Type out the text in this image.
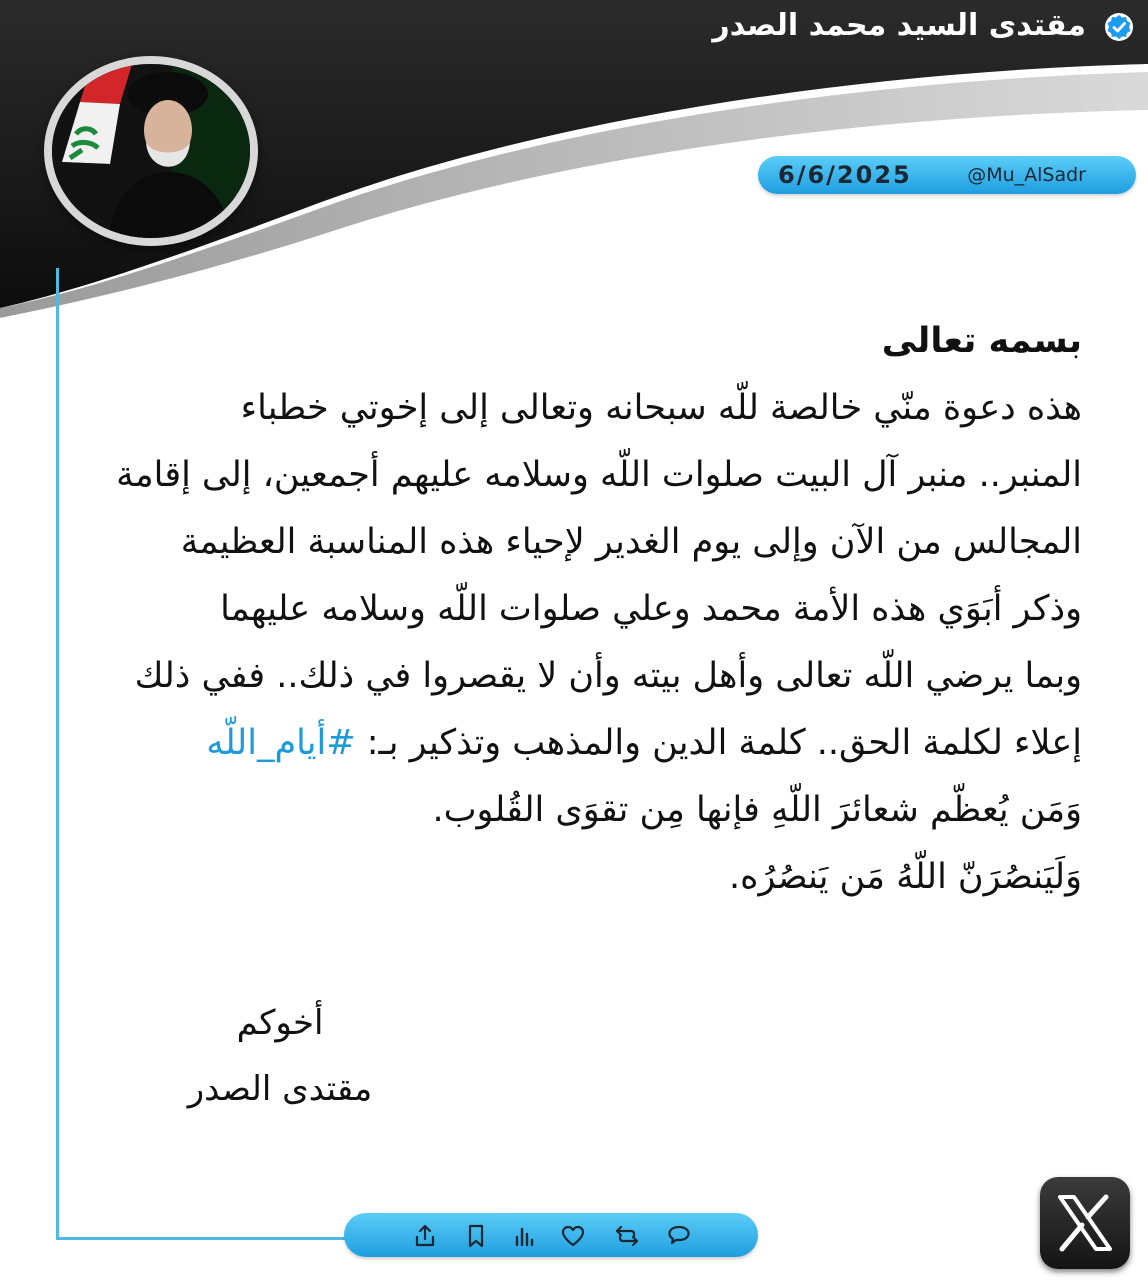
مقتدى السيد محمد الصدر
6/6/2025	@Mu_AlSadr
بسمه تعالى
هذه دعوة منّي خالصة للّه سبحانه وتعالى إلى إخوتي خطباء
المنبر.. منبر آل البيت صلوات اللّه وسلامه عليهم أجمعين، إلى إقامة
المجالس من الآن وإلى يوم الغدير لإحياء هذه المناسبة العظيمة
وذكر أبَوَي هذه الأمة محمد وعلي صلوات اللّه وسلامه عليهما
وبما يرضي اللّه تعالى وأهل بيته وأن لا يقصروا في ذلك.. ففي ذلك
إعلاء لكلمة الحق.. كلمة الدين والمذهب وتذكير بـ: #أيام_اللّه
وَمَن يُعظّم شعائرَ اللّهِ فإنها مِن تقوَى القُلوب.
وَلَيَنصُرَنّ اللّهُ مَن يَنصُرُه.
أخوكم
مقتدى الصدر
